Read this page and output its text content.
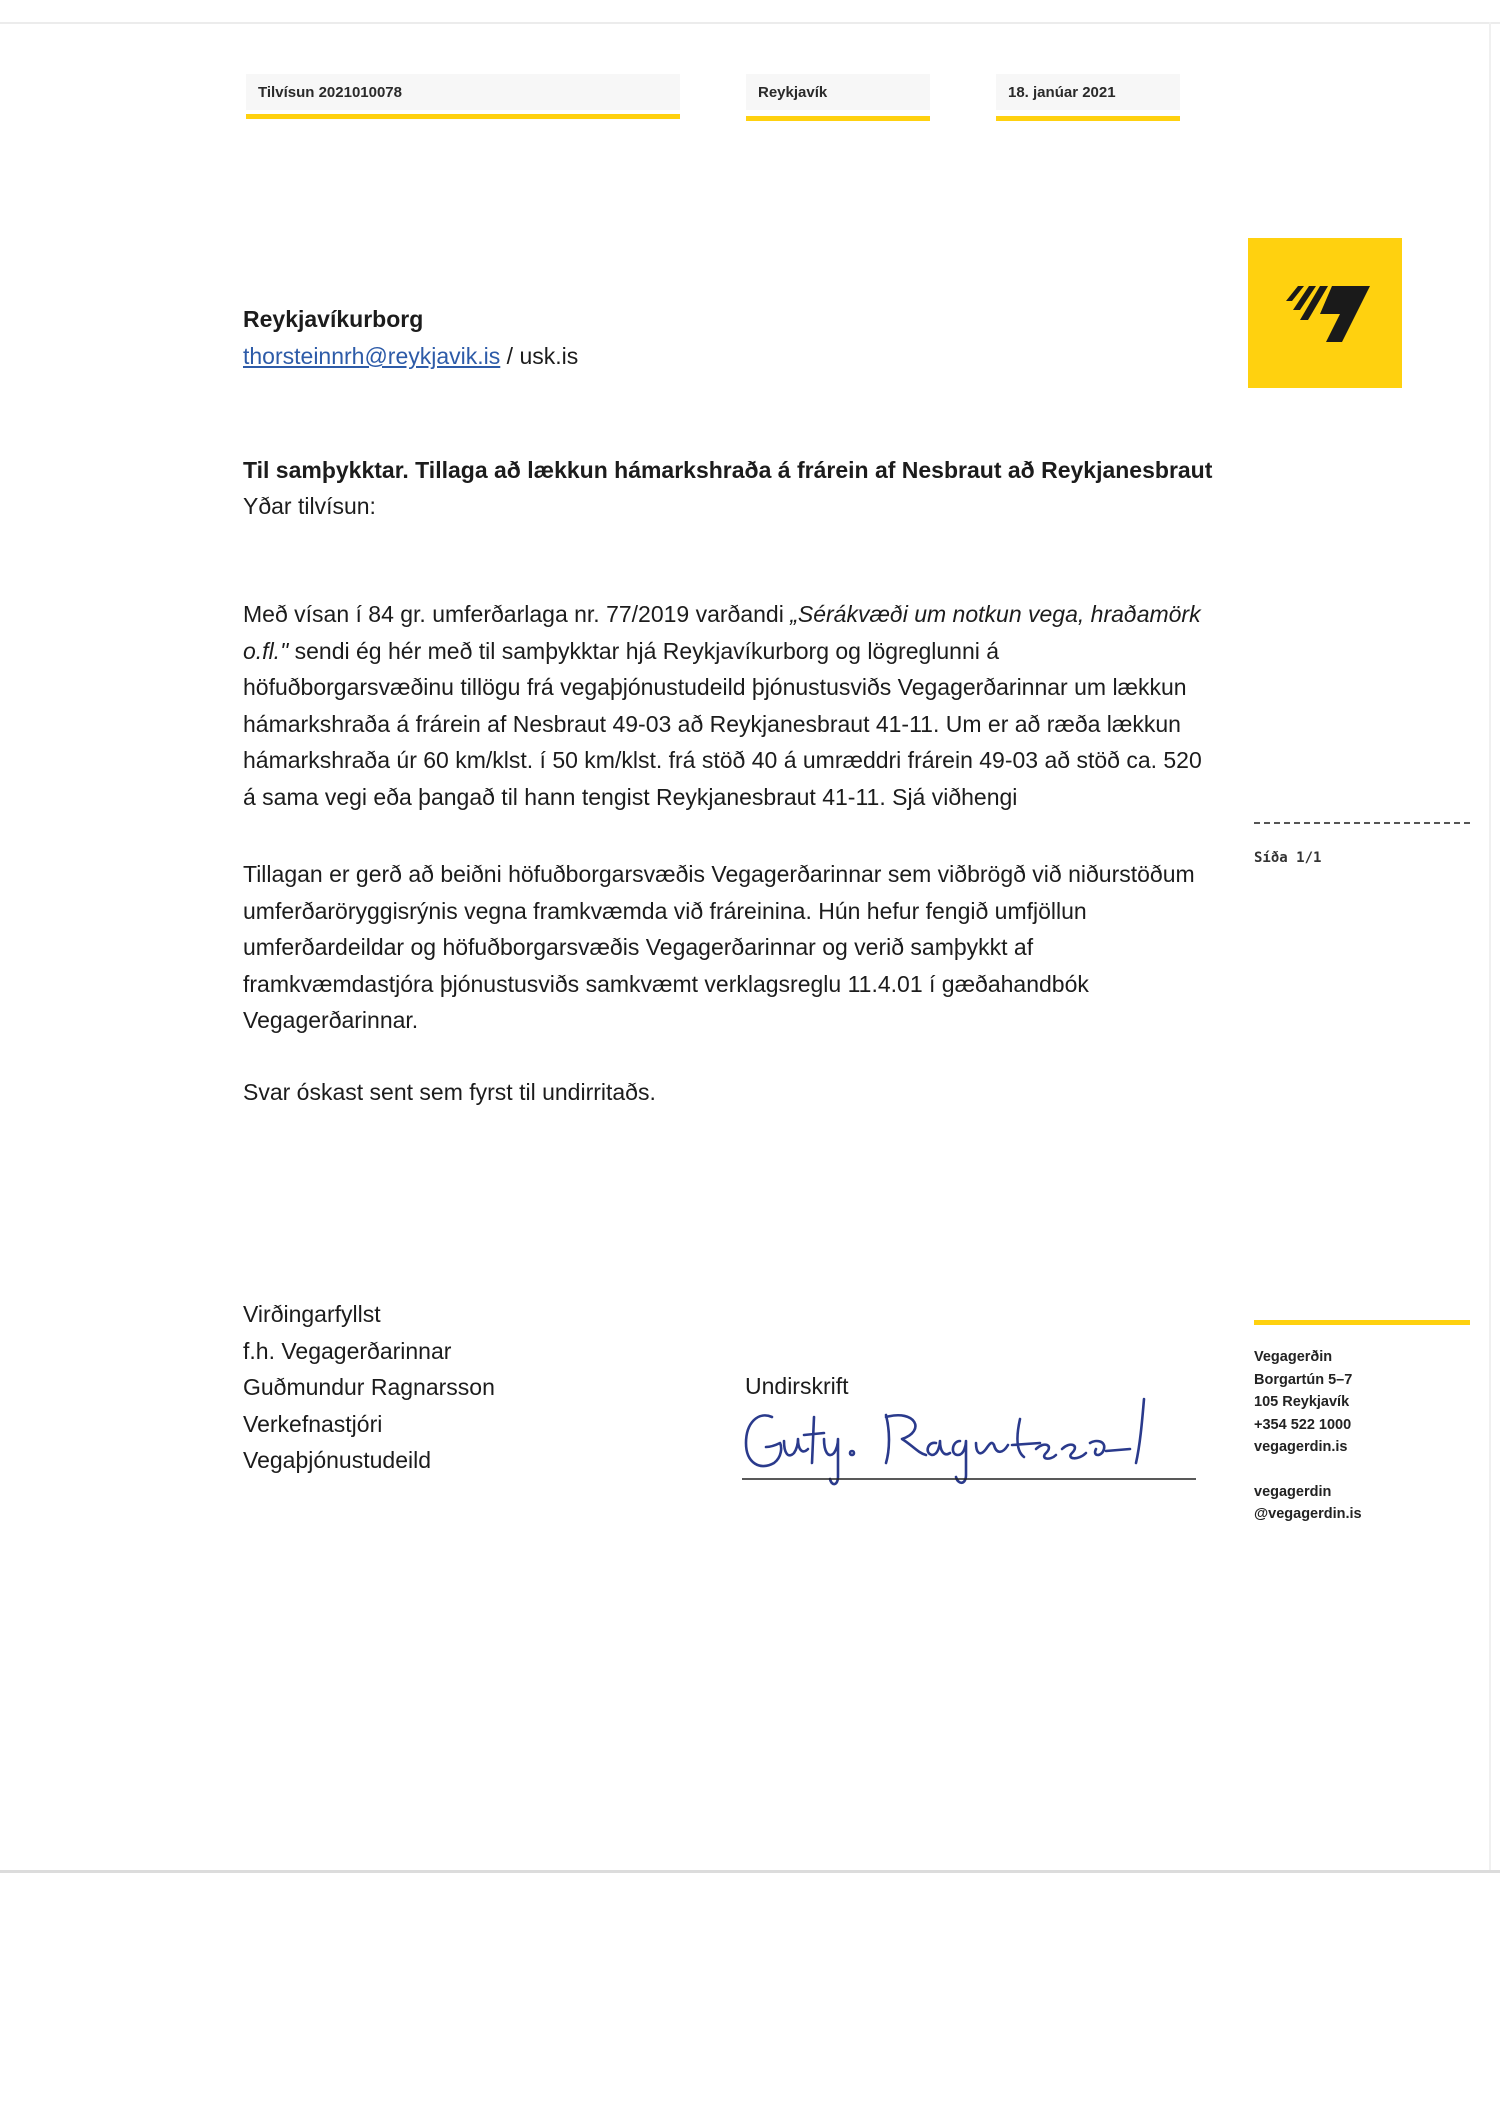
Tilvísun 2021010078	Reykjavík	18. janúar 2021
Reykjavíkurborg
thorsteinnrh@reykjavik.is / usk.is
Til samþykktar. Tillaga að lækkun hámarkshraða á frárein af Nesbraut að Reykjanesbraut
Yðar tilvísun:
Með vísan í 84 gr. umferðarlaga nr. 77/2019 varðandi „Sérákvæði um notkun vega, hraðamörk o.fl." sendi ég hér með til samþykktar hjá Reykjavíkurborg og lögreglunni á höfuðborgarsvæðinu tillögu frá vegaþjónustudeild þjónustusviðs Vegagerðarinnar um lækkun hámarkshraða á frárein af Nesbraut 49-03 að Reykjanesbraut 41-11. Um er að ræða lækkun hámarkshraða úr 60 km/klst. í 50 km/klst. frá stöð 40 á umræddri frárein 49-03 að stöð ca. 520 á sama vegi eða þangað til hann tengist Reykjanesbraut 41-11. Sjá viðhengi
Tillagan er gerð að beiðni höfuðborgarsvæðis Vegagerðarinnar sem viðbrögð við niðurstöðum umferðaröryggisrýnis vegna framkvæmda við fráreinina. Hún hefur fengið umfjöllun umferðardeildar og höfuðborgarsvæðis Vegagerðarinnar og verið samþykkt af framkvæmdastjóra þjónustusviðs samkvæmt verklagsreglu 11.4.01 í gæðahandbók Vegagerðarinnar.
Svar óskast sent sem fyrst til undirritaðs.
Virðingarfyllst
f.h. Vegagerðarinnar
Guðmundur Ragnarsson
Verkefnastjóri
Vegaþjónustudeild
Undirskrift
Síða 1/1
Vegagerðin
Borgartún 5–7
105 Reykjavík
+354 522 1000
vegagerdin.is
vegagerdin
@vegagerdin.is
